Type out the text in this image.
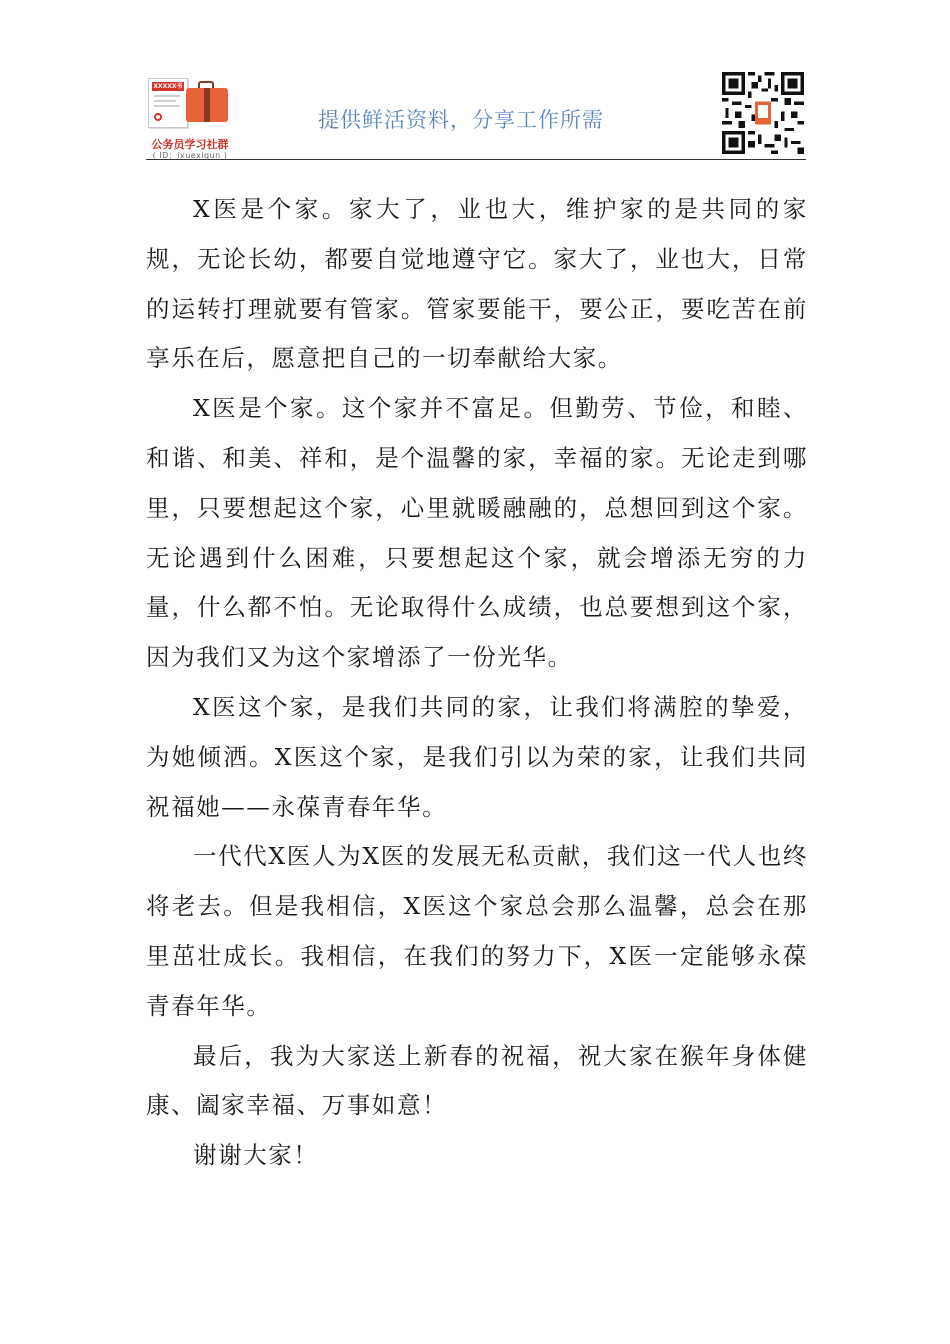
XXXXX书
公务员学习社群
( ID：ixuexiqun )
提供鲜活资料，分享工作所需

X医是个家。家大了，业也大，维护家的是共同的家规，无论长幼，都要自觉地遵守它。家大了，业也大，日常的运转打理就要有管家。管家要能干，要公正，要吃苦在前享乐在后，愿意把自己的一切奉献给大家。

X医是个家。这个家并不富足。但勤劳、节俭，和睦、和谐、和美、祥和，是个温馨的家，幸福的家。无论走到哪里，只要想起这个家，心里就暖融融的，总想回到这个家。无论遇到什么困难，只要想起这个家，就会增添无穷的力量，什么都不怕。无论取得什么成绩，也总要想到这个家，因为我们又为这个家增添了一份光华。

X医这个家，是我们共同的家，让我们将满腔的挚爱，为她倾洒。X医这个家，是我们引以为荣的家，让我们共同祝福她——永葆青春年华。

一代代X医人为X医的发展无私贡献，我们这一代人也终将老去。但是我相信，X医这个家总会那么温馨，总会在那里茁壮成长。我相信，在我们的努力下，X医一定能够永葆青春年华。

最后，我为大家送上新春的祝福，祝大家在猴年身体健康、阖家幸福、万事如意！

谢谢大家！
